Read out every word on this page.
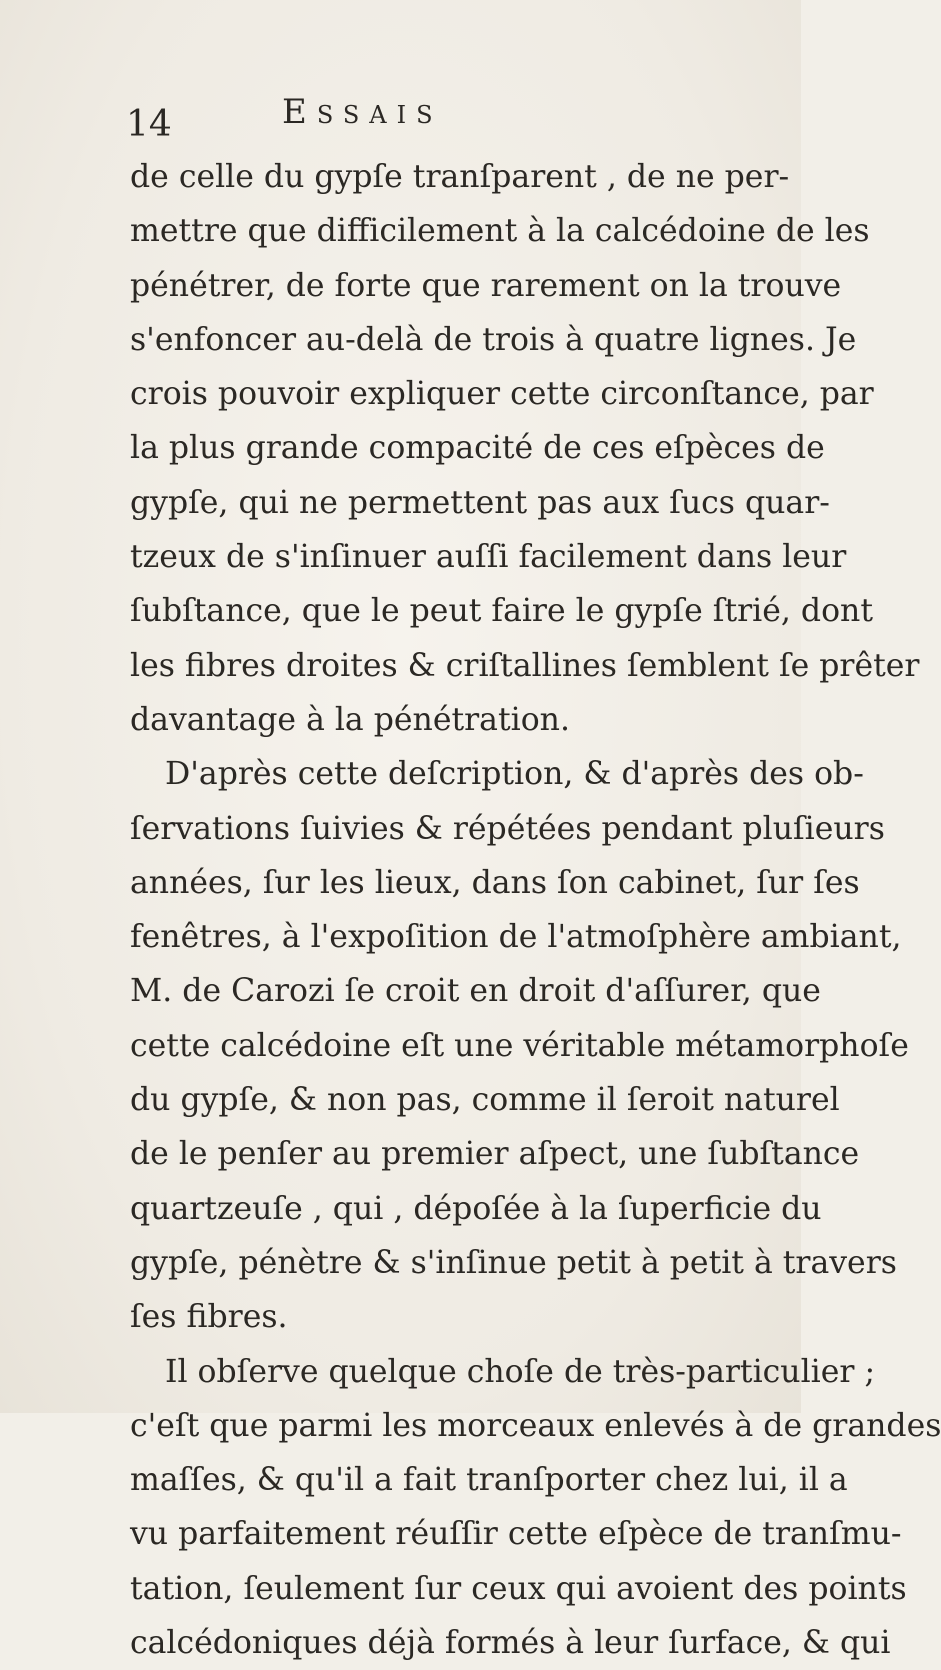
14	Essais
de celle du gypſe tranſparent , de ne per-
mettre que difficilement à la calcédoine de les
pénétrer, de forte que rarement on la trouve
s'enfoncer au-delà de trois à quatre lignes. Je
crois pouvoir expliquer cette circonſtance, par
la plus grande compacité de ces eſpèces de
gypſe, qui ne permettent pas aux ſucs quar-
tzeux de s'inſinuer auſſi facilement dans leur
ſubſtance, que le peut faire le gypſe ſtrié, dont
les fibres droites & criſtallines ſemblent ſe prêter
davantage à la pénétration.
D'après cette deſcription, & d'après des ob-
ſervations ſuivies & répétées pendant pluſieurs
années, ſur les lieux, dans ſon cabinet, ſur ſes
fenêtres, à l'expoſition de l'atmoſphère ambiant,
M. de Carozi ſe croit en droit d'aſſurer, que
cette calcédoine eſt une véritable métamorphoſe
du gypſe, & non pas, comme il ſeroit naturel
de le penſer au premier aſpect, une ſubſtance
quartzeuſe , qui , dépoſée à la ſuperficie du
gypſe, pénètre & s'inſinue petit à petit à travers
ſes fibres.
Il obſerve quelque choſe de très-particulier ;
c'eſt que parmi les morceaux enlevés à de grandes
maſſes, & qu'il a fait tranſporter chez lui, il a
vu parfaitement réuſſir cette eſpèce de tranſmu-
tation, ſeulement ſur ceux qui avoient des points
calcédoniques déjà formés à leur ſurface, & qui
